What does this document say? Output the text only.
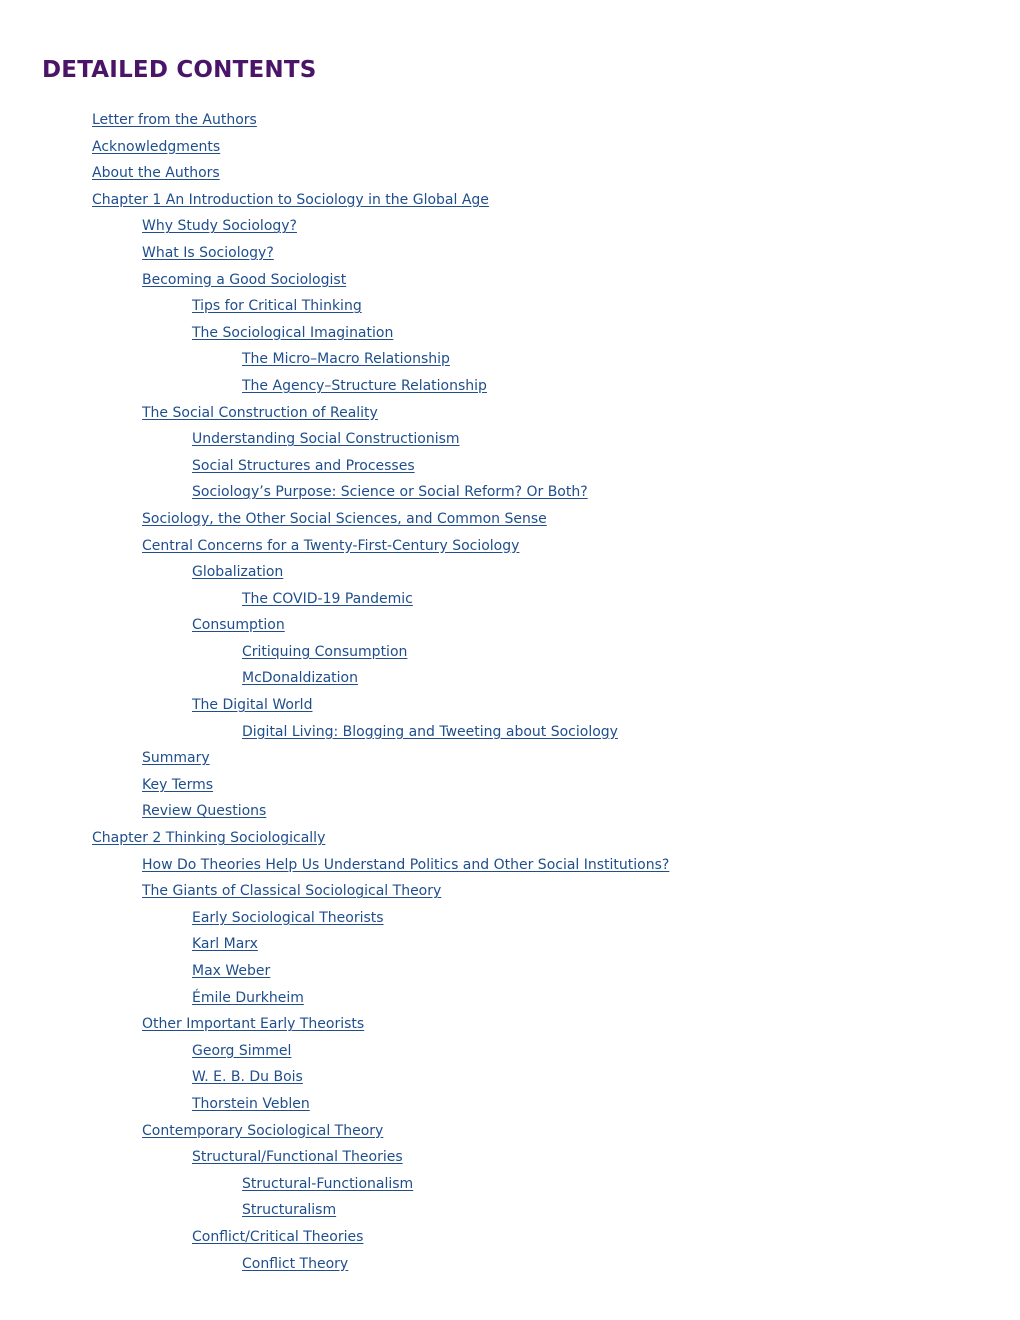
DETAILED CONTENTS
Letter from the Authors
Acknowledgments
About the Authors
Chapter 1 An Introduction to Sociology in the Global Age
Why Study Sociology?
What Is Sociology?
Becoming a Good Sociologist
Tips for Critical Thinking
The Sociological Imagination
The Micro–Macro Relationship
The Agency–Structure Relationship
The Social Construction of Reality
Understanding Social Constructionism
Social Structures and Processes
Sociology’s Purpose: Science or Social Reform? Or Both?
Sociology, the Other Social Sciences, and Common Sense
Central Concerns for a Twenty-First-Century Sociology
Globalization
The COVID-19 Pandemic
Consumption
Critiquing Consumption
McDonaldization
The Digital World
Digital Living: Blogging and Tweeting about Sociology
Summary
Key Terms
Review Questions
Chapter 2 Thinking Sociologically
How Do Theories Help Us Understand Politics and Other Social Institutions?
The Giants of Classical Sociological Theory
Early Sociological Theorists
Karl Marx
Max Weber
Émile Durkheim
Other Important Early Theorists
Georg Simmel
W. E. B. Du Bois
Thorstein Veblen
Contemporary Sociological Theory
Structural/Functional Theories
Structural-Functionalism
Structuralism
Conflict/Critical Theories
Conflict Theory
